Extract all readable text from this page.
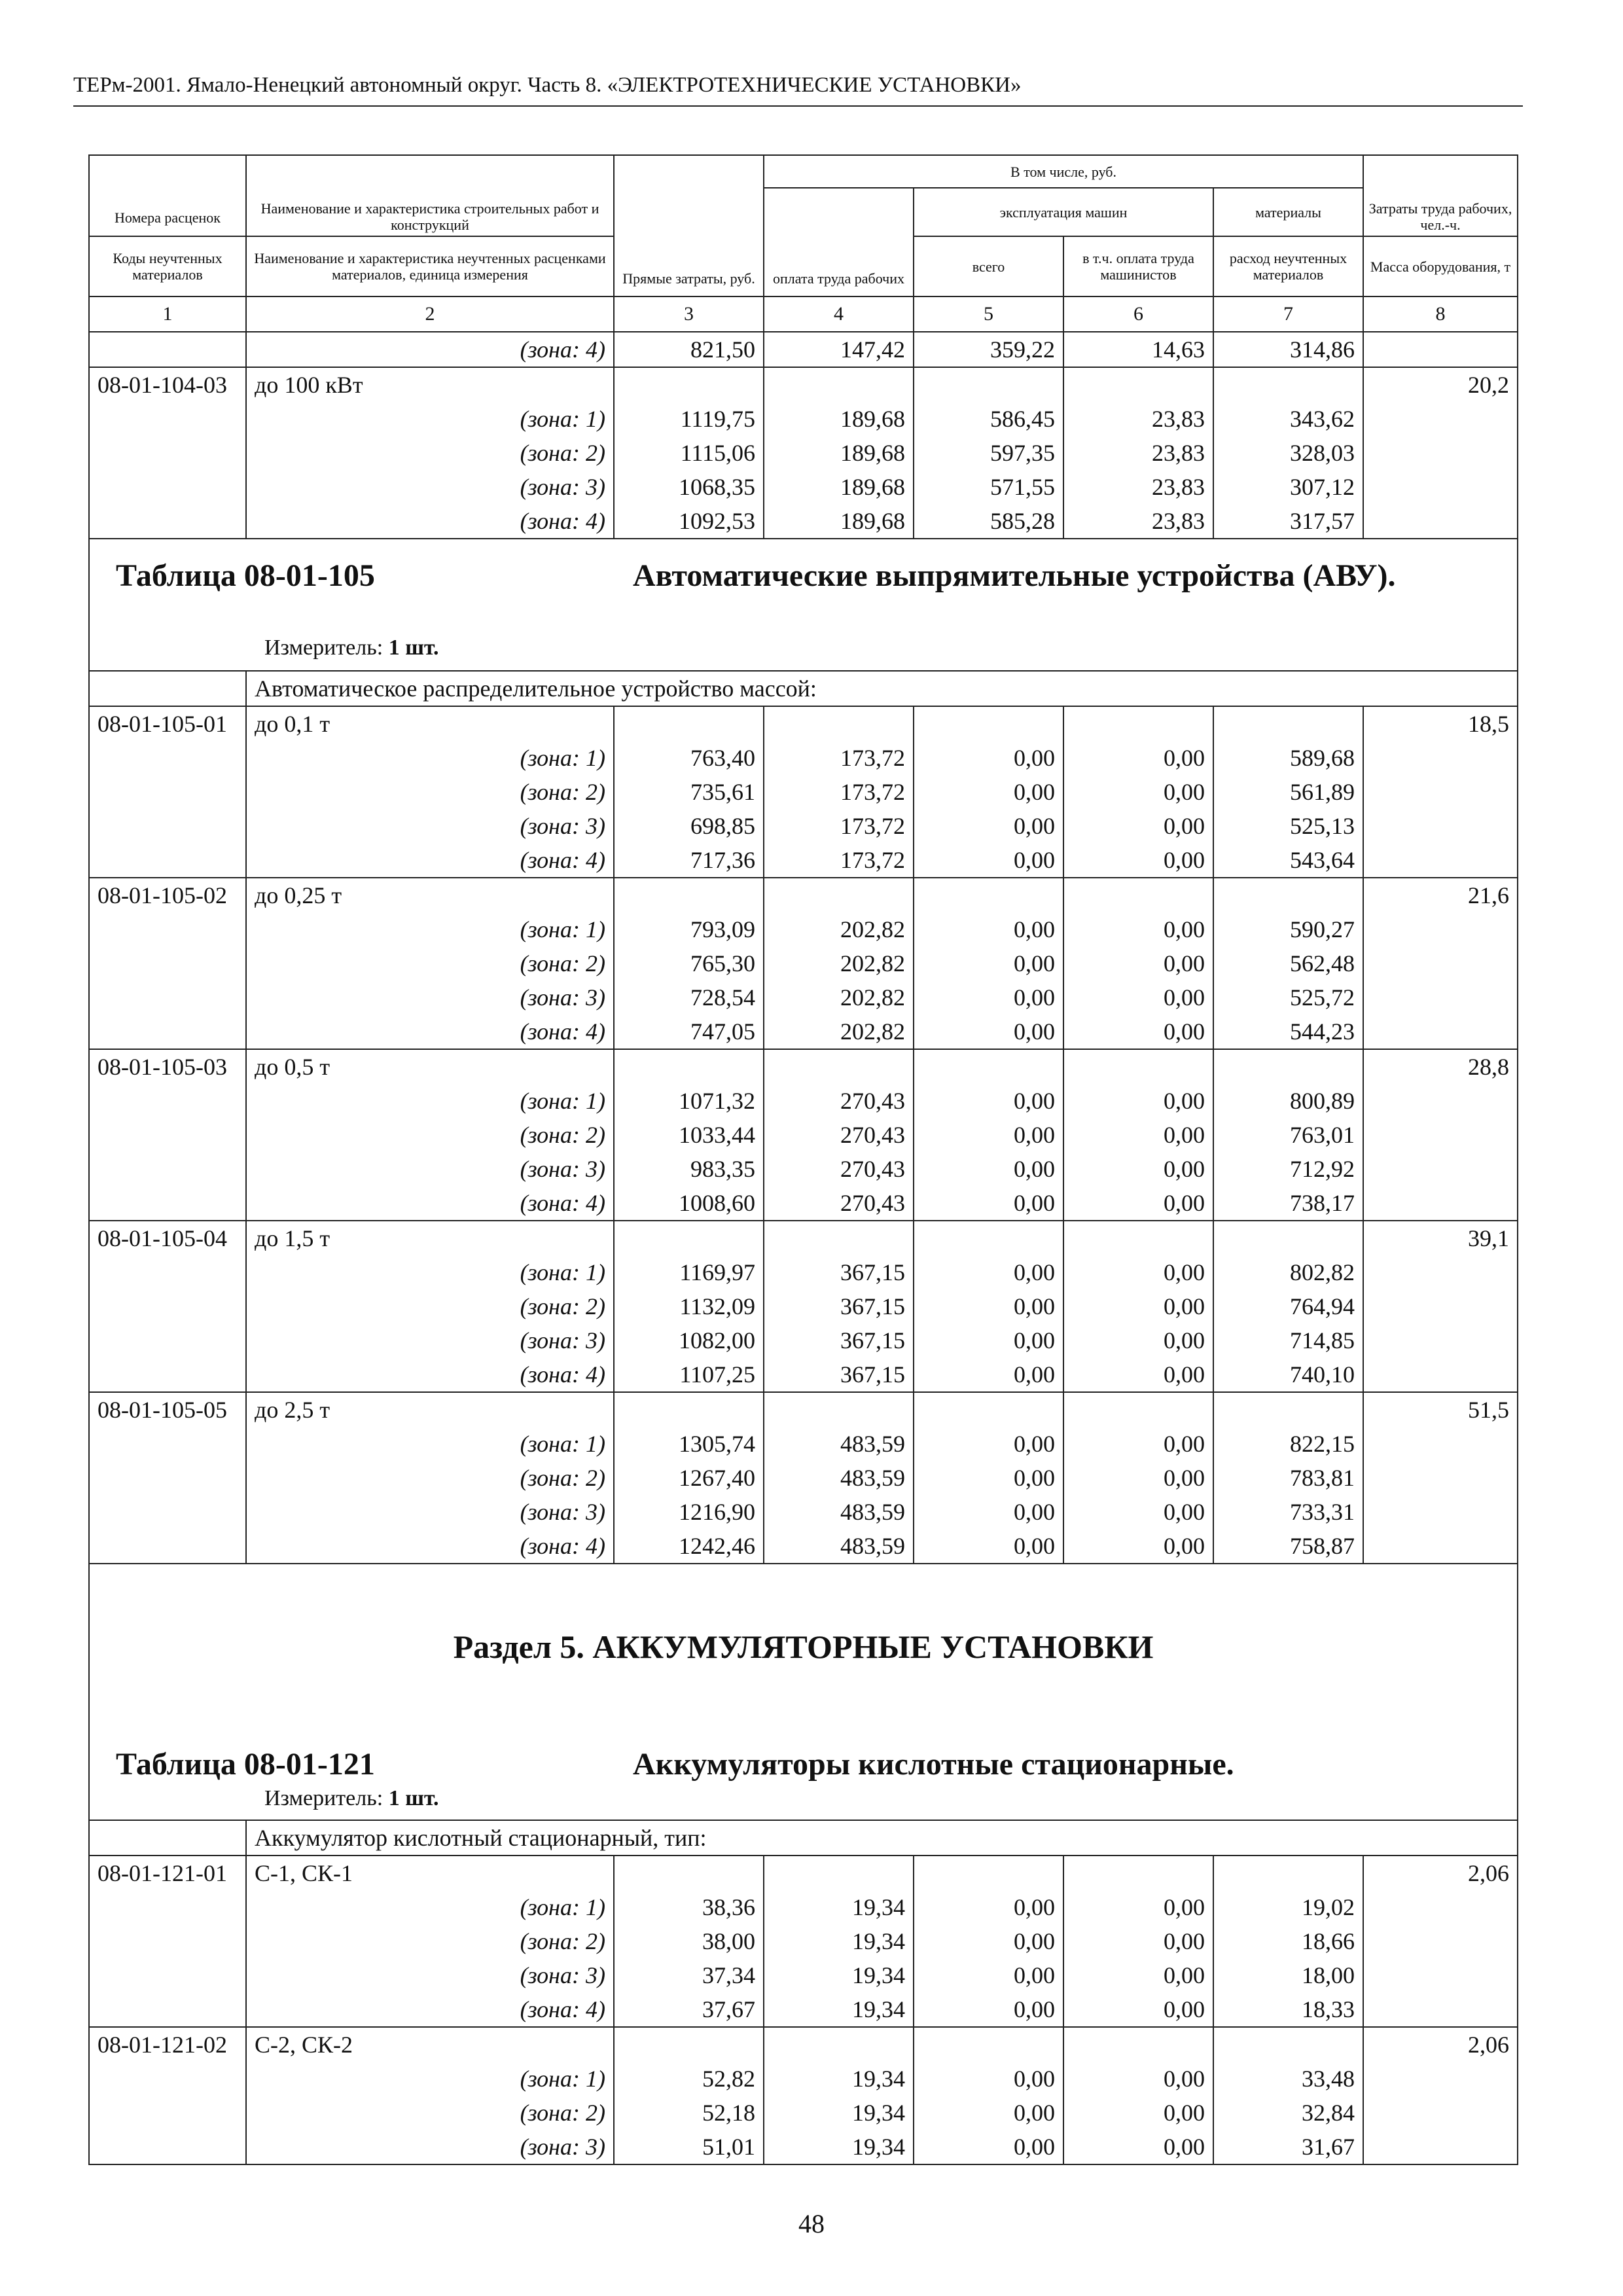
ТЕРм-2001. Ямало-Ненецкий автономный округ. Часть 8. «ЭЛЕКТРОТЕХНИЧЕСКИЕ УСТАНОВКИ»
Номера расценок	Наименование и характеристика строительных работ и конструкций	Прямые затраты, руб.	В том числе, руб.				Затраты труда рабочих, чел.-ч.

			оплата труда рабочих	эксплуатация машин		материалы	

Коды неучтенных материалов	Наименование и характеристика неучтенных расценками материалов, единица измерения			всего	в т.ч. оплата труда машинистов	расход неучтенных материалов	Масса оборудования, т
1	2	3	4	5	6	7	8
	(зона: 4)	821,50	147,42	359,22	14,63	314,86	
08-01-104-03	до 100 кВт						20,2
	(зона: 1)	1119,75	189,68	586,45	23,83	343,62	
	(зона: 2)	1115,06	189,68	597,35	23,83	328,03	
	(зона: 3)	1068,35	189,68	571,55	23,83	307,12	
	(зона: 4)	1092,53	189,68	585,28	23,83	317,57	

Таблица 08-01-105 Автоматические выпрямительные устройства (АВУ).
Измеритель: 1 шт.							

	Автоматическое распределительное устройство массой:						
08-01-105-01	до 0,1 т						18,5
	(зона: 1)	763,40	173,72	0,00	0,00	589,68	
	(зона: 2)	735,61	173,72	0,00	0,00	561,89	
	(зона: 3)	698,85	173,72	0,00	0,00	525,13	
	(зона: 4)	717,36	173,72	0,00	0,00	543,64	
08-01-105-02	до 0,25 т						21,6
	(зона: 1)	793,09	202,82	0,00	0,00	590,27	
	(зона: 2)	765,30	202,82	0,00	0,00	562,48	
	(зона: 3)	728,54	202,82	0,00	0,00	525,72	
	(зона: 4)	747,05	202,82	0,00	0,00	544,23	
08-01-105-03	до 0,5 т						28,8
	(зона: 1)	1071,32	270,43	0,00	0,00	800,89	
	(зона: 2)	1033,44	270,43	0,00	0,00	763,01	
	(зона: 3)	983,35	270,43	0,00	0,00	712,92	
	(зона: 4)	1008,60	270,43	0,00	0,00	738,17	
08-01-105-04	до 1,5 т						39,1
	(зона: 1)	1169,97	367,15	0,00	0,00	802,82	
	(зона: 2)	1132,09	367,15	0,00	0,00	764,94	
	(зона: 3)	1082,00	367,15	0,00	0,00	714,85	
	(зона: 4)	1107,25	367,15	0,00	0,00	740,10	
08-01-105-05	до 2,5 т						51,5
	(зона: 1)	1305,74	483,59	0,00	0,00	822,15	
	(зона: 2)	1267,40	483,59	0,00	0,00	783,81	
	(зона: 3)	1216,90	483,59	0,00	0,00	733,31	
	(зона: 4)	1242,46	483,59	0,00	0,00	758,87	

Раздел 5. АККУМУЛЯТОРНЫЕ УСТАНОВКИ
Таблица 08-01-121 Аккумуляторы кислотные стационарные.
Измеритель: 1 шт.							

	Аккумулятор кислотный стационарный, тип:						
08-01-121-01	С-1, СК-1						2,06
	(зона: 1)	38,36	19,34	0,00	0,00	19,02	
	(зона: 2)	38,00	19,34	0,00	0,00	18,66	
	(зона: 3)	37,34	19,34	0,00	0,00	18,00	
	(зона: 4)	37,67	19,34	0,00	0,00	18,33	
08-01-121-02	С-2, СК-2						2,06
	(зона: 1)	52,82	19,34	0,00	0,00	33,48	
	(зона: 2)	52,18	19,34	0,00	0,00	32,84	
	(зона: 3)	51,01	19,34	0,00	0,00	31,67	
48
